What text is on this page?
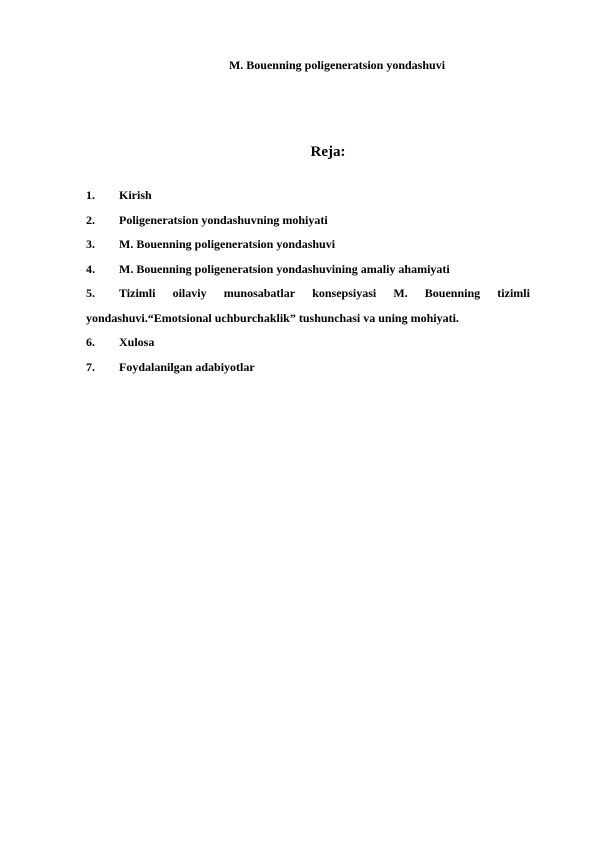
M. Bouenning poligeneratsion yondashuvi
Reja:
1.	Kirish
2.	Poligeneratsion yondashuvning mohiyati
3.	M. Bouenning poligeneratsion yondashuvi
4.	M. Bouenning poligeneratsion yondashuvining amaliy ahamiyati
5.	Tizimli oilaviy munosabatlar konsepsiyasi M. Bouenning tizimli
yondashuvi.“Emotsional uchburchaklik” tushunchasi va uning mohiyati.
6.	Xulosa
7.	Foydalanilgan adabiyotlar
